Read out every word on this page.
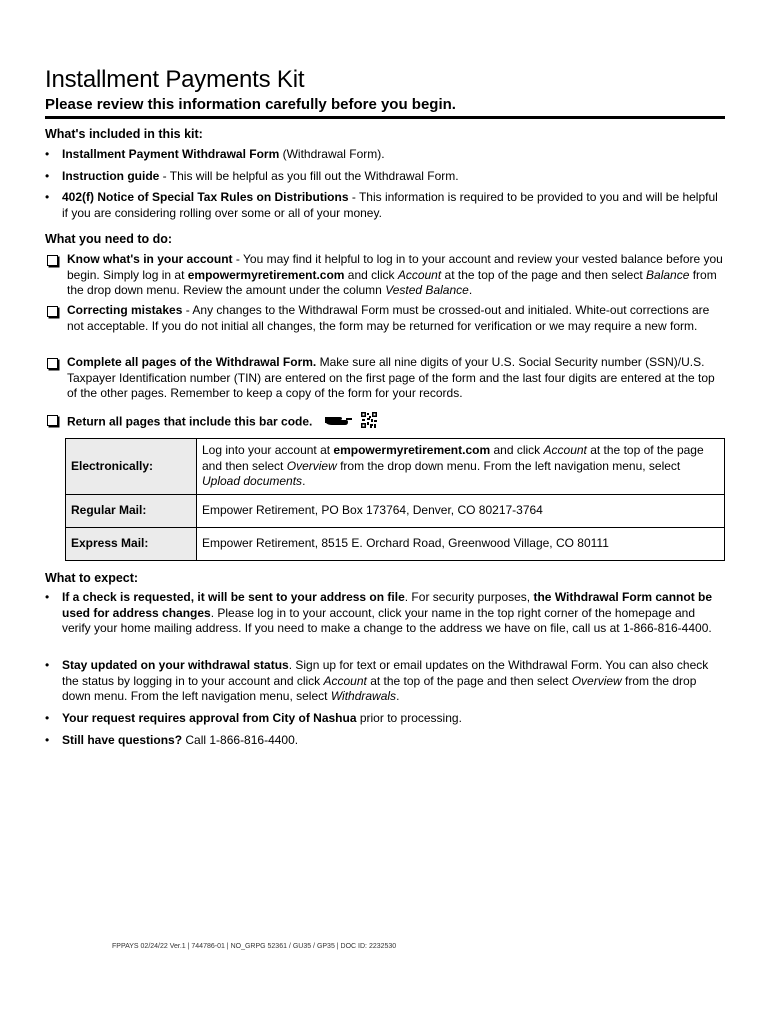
Installment Payments Kit
Please review this information carefully before you begin.
What's included in this kit:
• Installment Payment Withdrawal Form (Withdrawal Form).
• Instruction guide - This will be helpful as you fill out the Withdrawal Form.
• 402(f) Notice of Special Tax Rules on Distributions - This information is required to be provided to you and will be helpful if you are considering rolling over some or all of your money.
What you need to do:
Know what's in your account - You may find it helpful to log in to your account and review your vested balance before you begin. Simply log in at empowermyretirement.com and click Account at the top of the page and then select Balance from the drop down menu. Review the amount under the column Vested Balance.
Correcting mistakes - Any changes to the Withdrawal Form must be crossed-out and initialed. White-out corrections are not acceptable. If you do not initial all changes, the form may be returned for verification or we may require a new form.
Complete all pages of the Withdrawal Form. Make sure all nine digits of your U.S. Social Security number (SSN)/U.S. Taxpayer Identification number (TIN) are entered on the first page of the form and the last four digits are entered at the top of the other pages. Remember to keep a copy of the form for your records.
Return all pages that include this bar code.
Electronically:	Log into your account at empowermyretirement.com and click Account at the top of the page and then select Overview from the drop down menu. From the left navigation menu, select Upload documents.
Regular Mail:	Empower Retirement, PO Box 173764, Denver, CO 80217-3764
Express Mail:	Empower Retirement, 8515 E. Orchard Road, Greenwood Village, CO 80111
What to expect:
• If a check is requested, it will be sent to your address on file. For security purposes, the Withdrawal Form cannot be used for address changes. Please log in to your account, click your name in the top right corner of the homepage and verify your home mailing address. If you need to make a change to the address we have on file, call us at 1-866-816-4400.
• Stay updated on your withdrawal status. Sign up for text or email updates on the Withdrawal Form. You can also check the status by logging in to your account and click Account at the top of the page and then select Overview from the drop down menu. From the left navigation menu, select Withdrawals.
• Your request requires approval from City of Nashua prior to processing.
• Still have questions? Call 1-866-816-4400.
FPPAYS 02/24/22 Ver.1 | 744786-01 | NO_GRPG 52361 / GU35 / GP35 | DOC ID: 2232530
